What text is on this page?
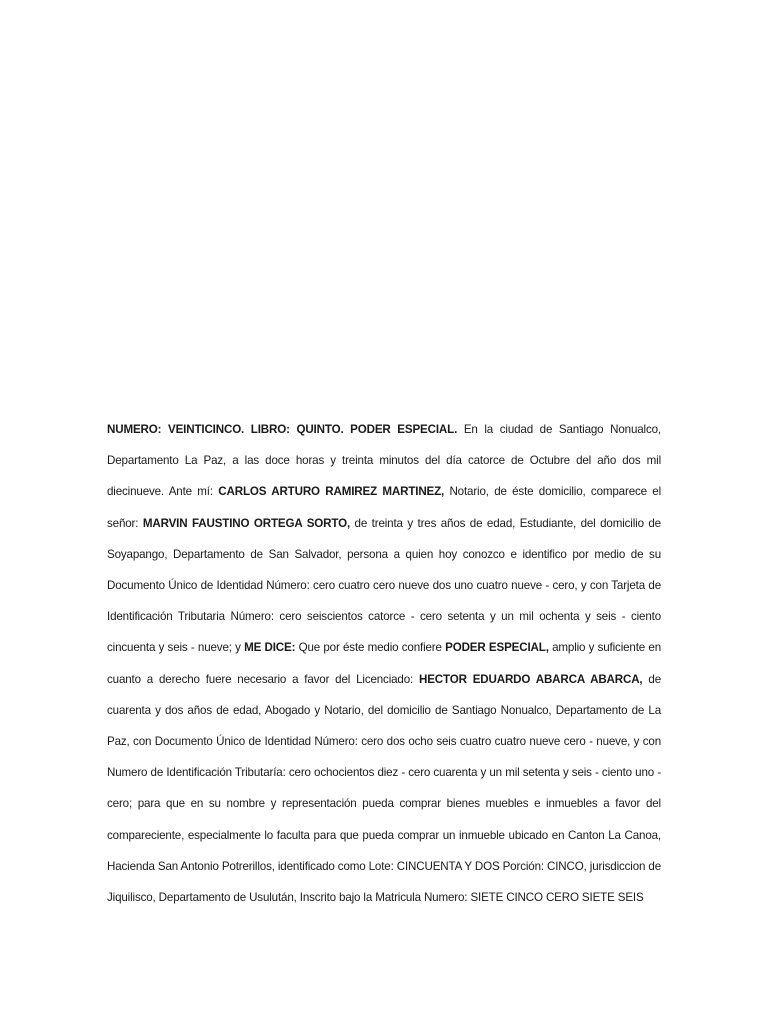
NUMERO: VEINTICINCO. LIBRO: QUINTO. PODER ESPECIAL. En la ciudad de Santiago Nonualco, Departamento La Paz, a las doce horas y treinta minutos del día catorce de Octubre del año dos mil diecinueve. Ante mí: CARLOS ARTURO RAMIREZ MARTINEZ, Notario, de éste domicilio, comparece el señor: MARVIN FAUSTINO ORTEGA SORTO, de treinta y tres años de edad, Estudiante, del domicilio de Soyapango, Departamento de San Salvador, persona a quien hoy conozco e identifico por medio de su Documento Único de Identidad Número: cero cuatro cero nueve dos uno cuatro nueve - cero, y con Tarjeta de Identificación Tributaria Número: cero seiscientos catorce - cero setenta y un mil ochenta y seis - ciento cincuenta y seis - nueve; y ME DICE: Que por éste medio confiere PODER ESPECIAL, amplio y suficiente en cuanto a derecho fuere necesario a favor del Licenciado: HECTOR EDUARDO ABARCA ABARCA, de cuarenta y dos años de edad, Abogado y Notario, del domicilio de Santiago Nonualco, Departamento de La Paz, con Documento Único de Identidad Número: cero dos ocho seis cuatro cuatro nueve cero - nueve, y con Numero de Identificación Tributaría: cero ochocientos diez - cero cuarenta y un mil setenta y seis - ciento uno - cero; para que en su nombre y representación pueda comprar bienes muebles e inmuebles a favor del compareciente, especialmente lo faculta para que pueda comprar un inmueble ubicado en Canton La Canoa, Hacienda San Antonio Potrerillos, identificado como Lote: CINCUENTA Y DOS Porción: CINCO, jurisdiccion de Jiquilisco, Departamento de Usulután, Inscrito bajo la Matricula Numero: SIETE CINCO CERO SIETE SEIS
